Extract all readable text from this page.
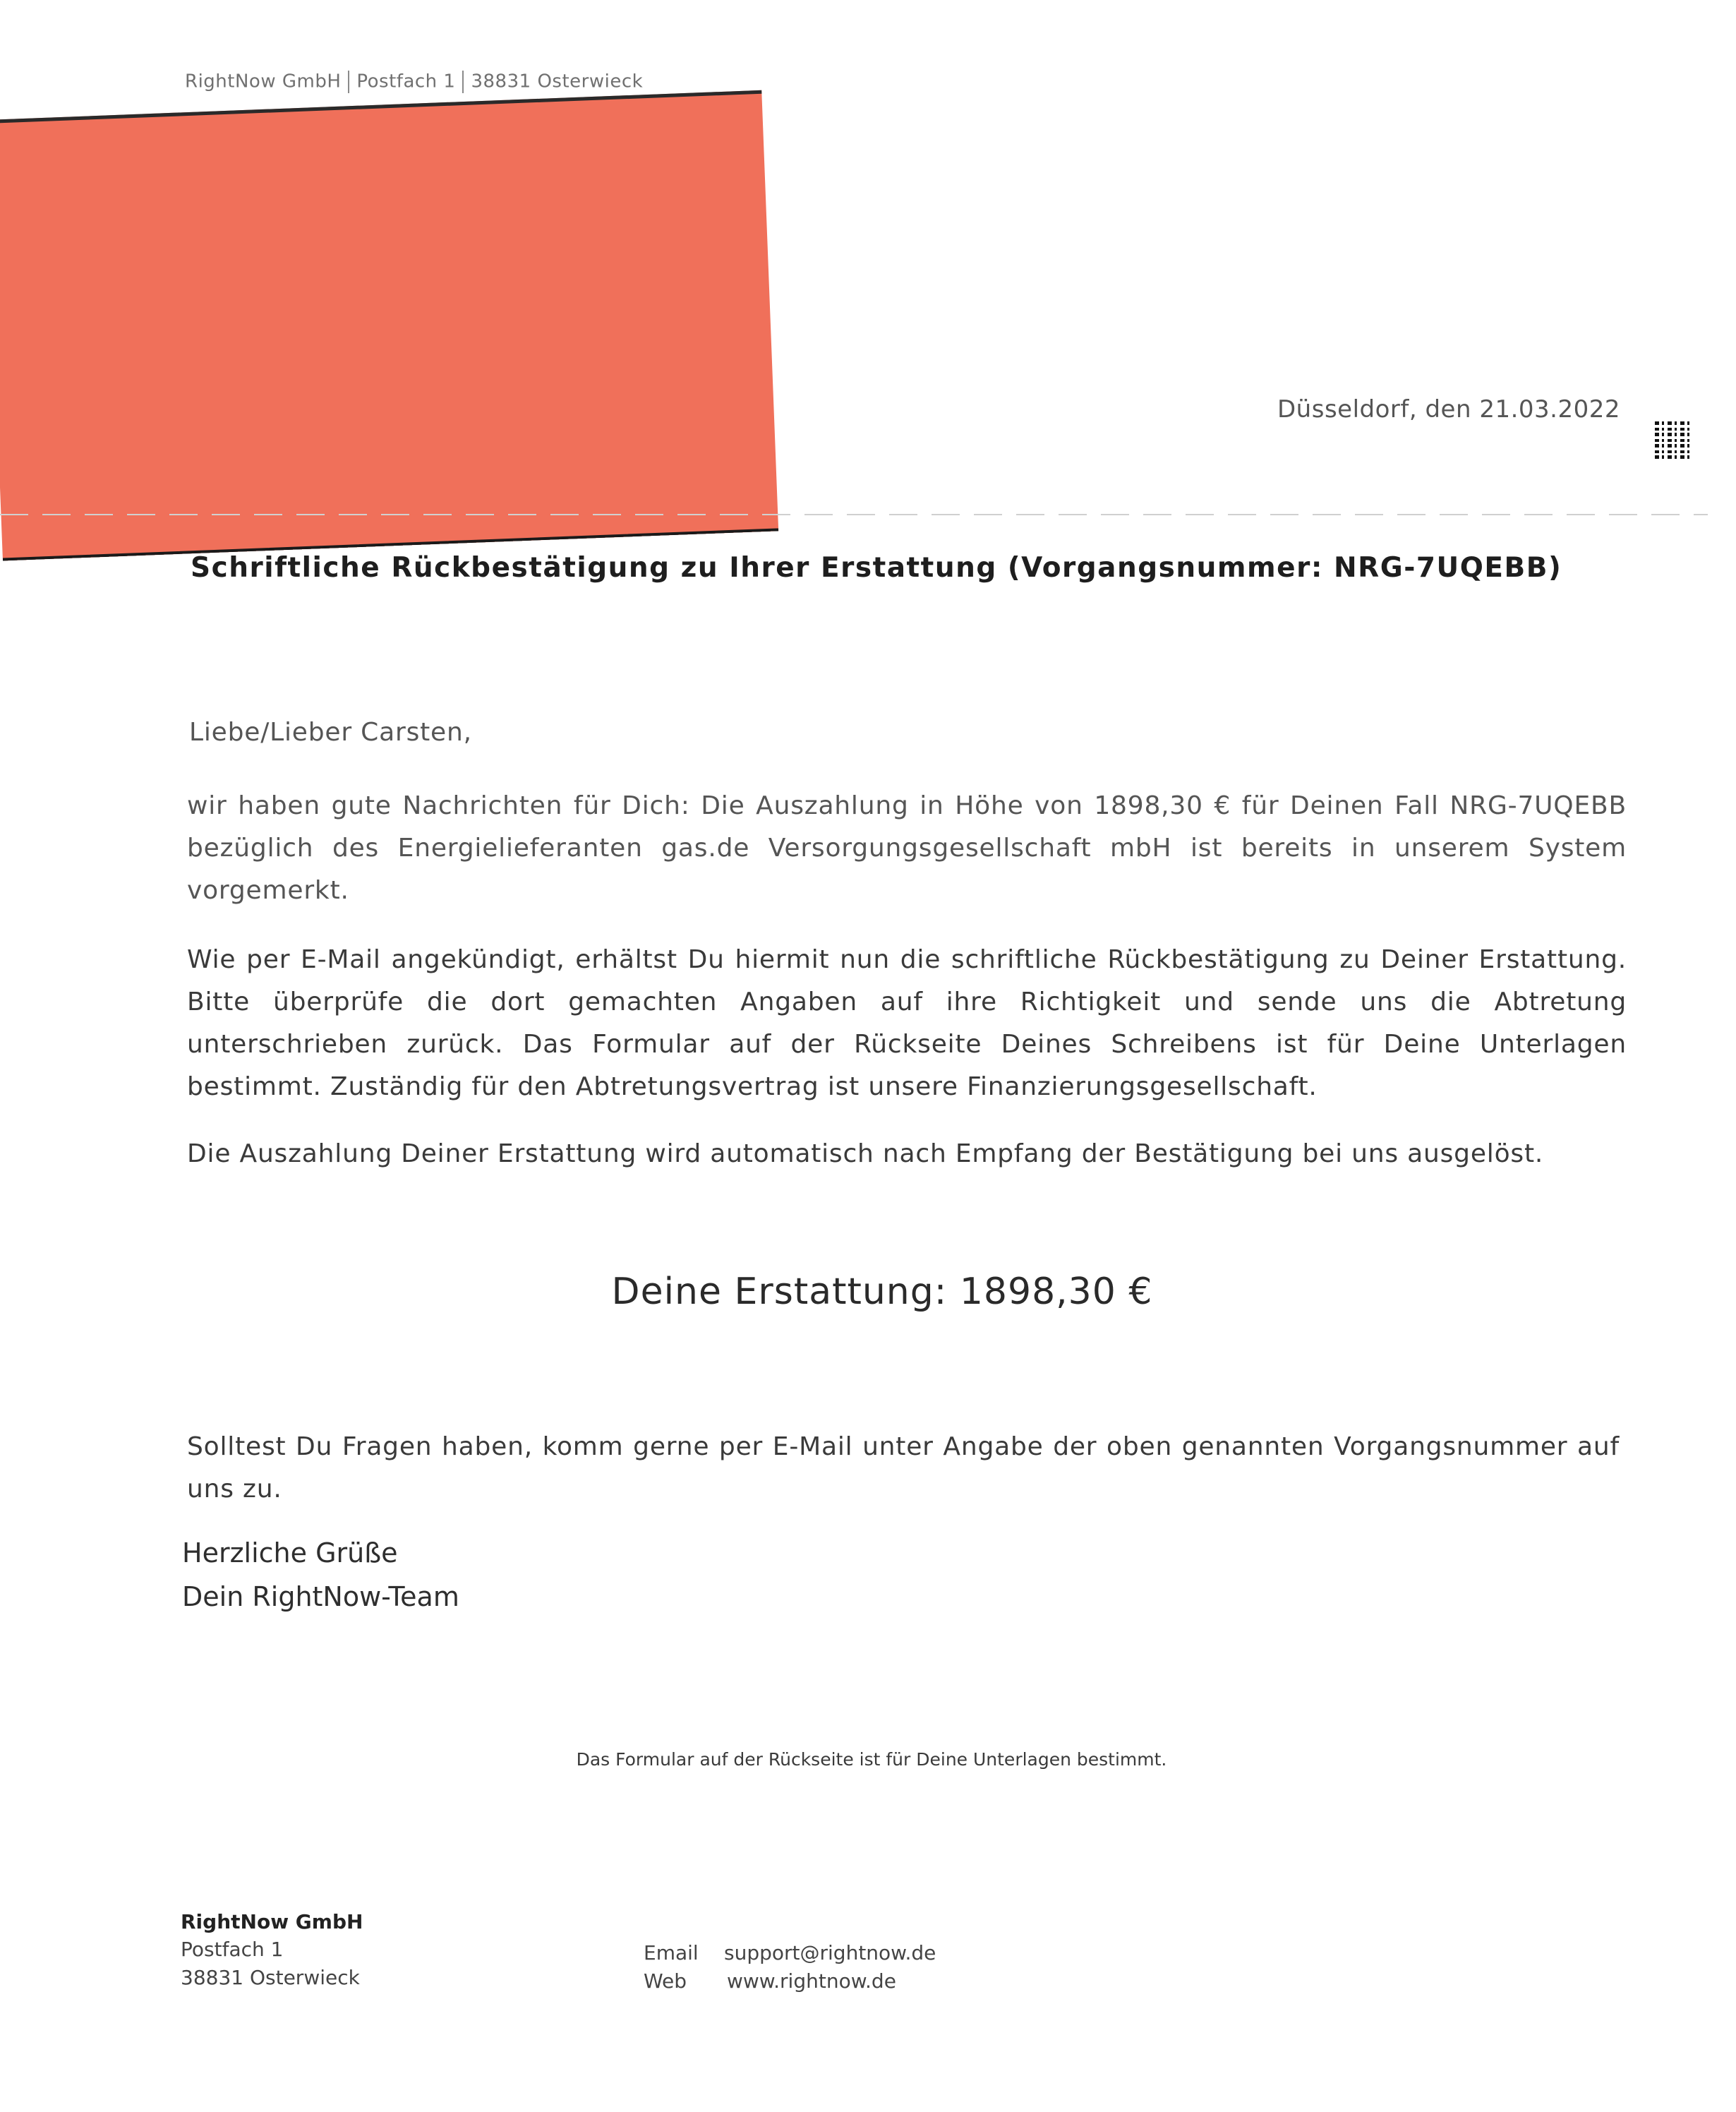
RightNow GmbH Postfach 1 38831 Osterwieck
Düsseldorf, den 21.03.2022
Schriftliche Rückbestätigung zu Ihrer Erstattung (Vorgangsnummer: NRG-7UQEBB)
Liebe/Lieber Carsten,
wir haben gute Nachrichten für Dich: Die Auszahlung in Höhe von 1898,30 € für Deinen Fall NRG-7UQEBB bezüglich des Energielieferanten gas.de Versorgungsgesellschaft mbH ist bereits in unserem System vorgemerkt.
Wie per E-Mail angekündigt, erhältst Du hiermit nun die schriftliche Rückbestätigung zu Deiner Erstattung. Bitte überprüfe die dort gemachten Angaben auf ihre Richtigkeit und sende uns die Abtretung unterschrieben zurück. Das Formular auf der Rückseite Deines Schreibens ist für Deine Unterlagen bestimmt. Zuständig für den Abtretungsvertrag ist unsere Finanzierungsgesellschaft.
Die Auszahlung Deiner Erstattung wird automatisch nach Empfang der Bestätigung bei uns ausgelöst.
Deine Erstattung: 1898,30 €
Solltest Du Fragen haben, komm gerne per E-Mail unter Angabe der oben genannten Vorgangsnummer auf uns zu.
Herzliche Grüße
Dein RightNow-Team
Das Formular auf der Rückseite ist für Deine Unterlagen bestimmt.
RightNow GmbH
Postfach 1
38831 Osterwieck
Email support@rightnow.de
Web www.rightnow.de
